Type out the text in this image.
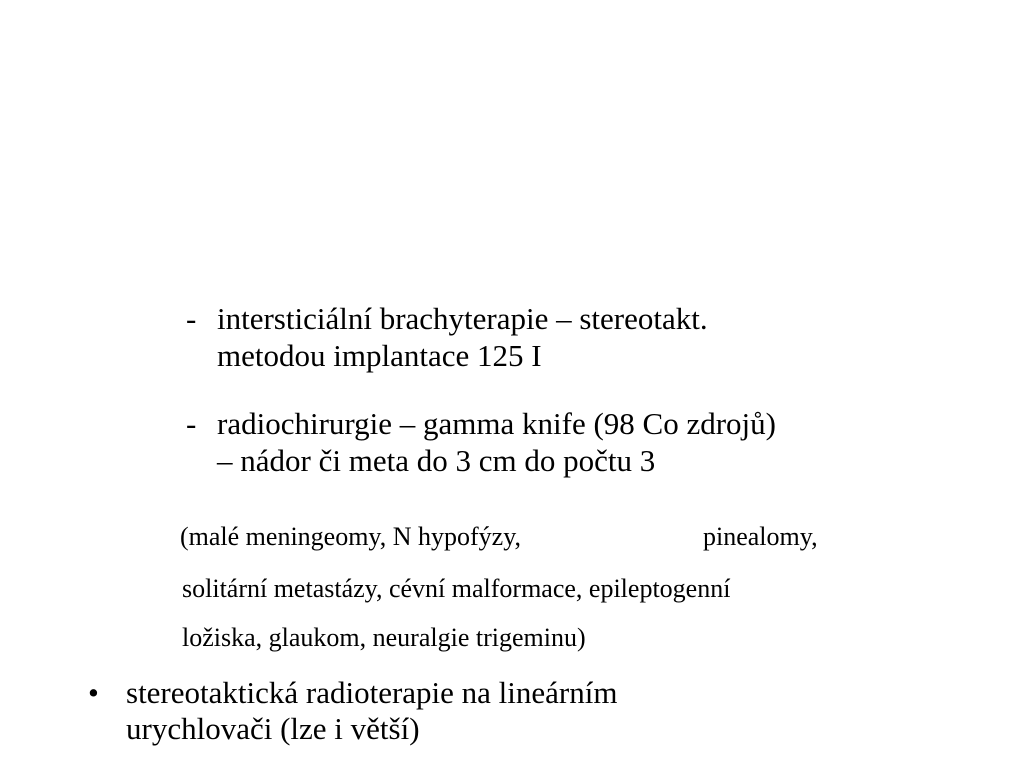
- intersticiální brachyterapie – stereotakt.
metodou implantace 125 I
- radiochirurgie – gamma knife (98 Co zdrojů)
– nádor či meta do 3 cm do počtu 3
(malé meningeomy, N hypofýzy,	pinealomy,
solitární metastázy, cévní malformace, epileptogenní
ložiska, glaukom, neuralgie trigeminu)
• stereotaktická radioterapie na lineárním
urychlovači (lze i větší)
